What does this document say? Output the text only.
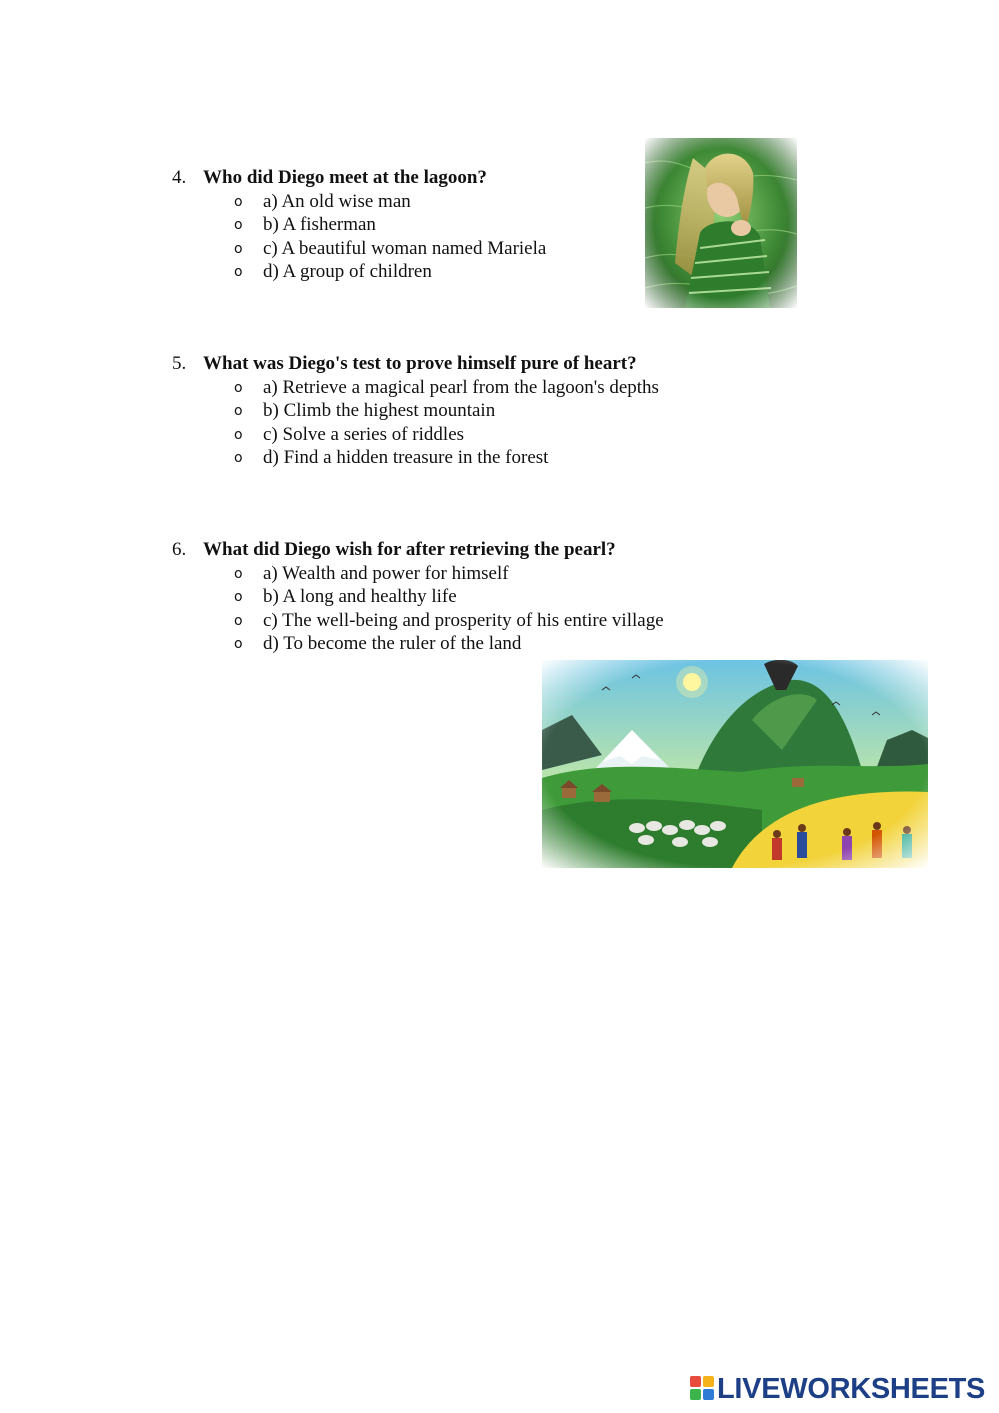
4. Who did Diego meet at the lagoon?
o a) An old wise man
o b) A fisherman
o c) A beautiful woman named Mariela
o d) A group of children
5. What was Diego's test to prove himself pure of heart?
o a) Retrieve a magical pearl from the lagoon's depths
o b) Climb the highest mountain
o c) Solve a series of riddles
o d) Find a hidden treasure in the forest
6. What did Diego wish for after retrieving the pearl?
o a) Wealth and power for himself
o b) A long and healthy life
o c) The well-being and prosperity of his entire village
o d) To become the ruler of the land
LIVEWORKSHEETS
